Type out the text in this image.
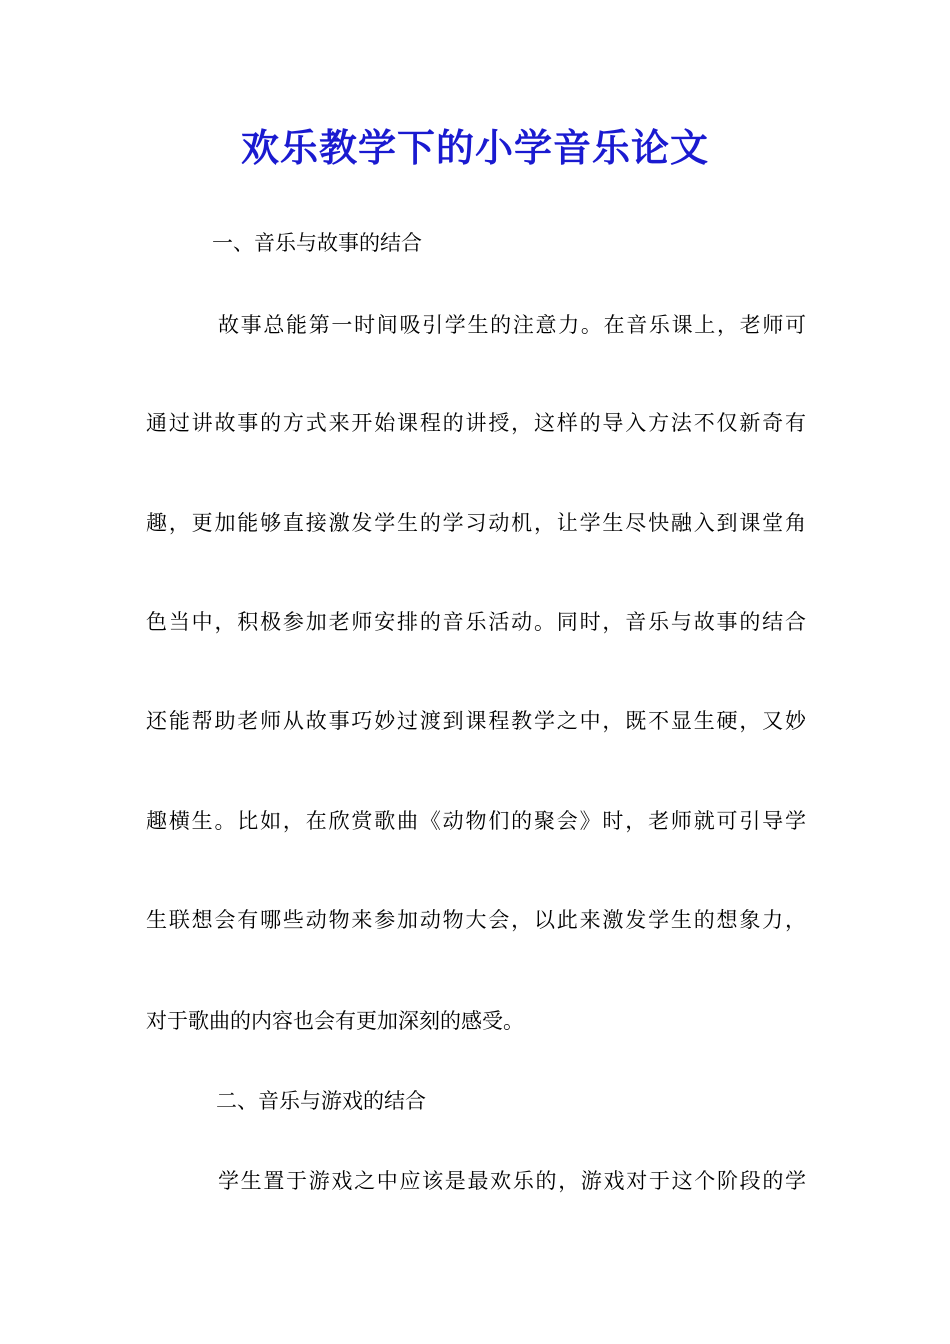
欢乐教学下的小学音乐论文
一、音乐与故事的结合
故事总能第一时间吸引学生的注意力。在音乐课上，老师可
通过讲故事的方式来开始课程的讲授，这样的导入方法不仅新奇有
趣，更加能够直接激发学生的学习动机，让学生尽快融入到课堂角
色当中，积极参加老师安排的音乐活动。同时，音乐与故事的结合
还能帮助老师从故事巧妙过渡到课程教学之中，既不显生硬，又妙
趣横生。比如，在欣赏歌曲《动物们的聚会》时，老师就可引导学
生联想会有哪些动物来参加动物大会，以此来激发学生的想象力，
对于歌曲的内容也会有更加深刻的感受。
二、音乐与游戏的结合
学生置于游戏之中应该是最欢乐的，游戏对于这个阶段的学
